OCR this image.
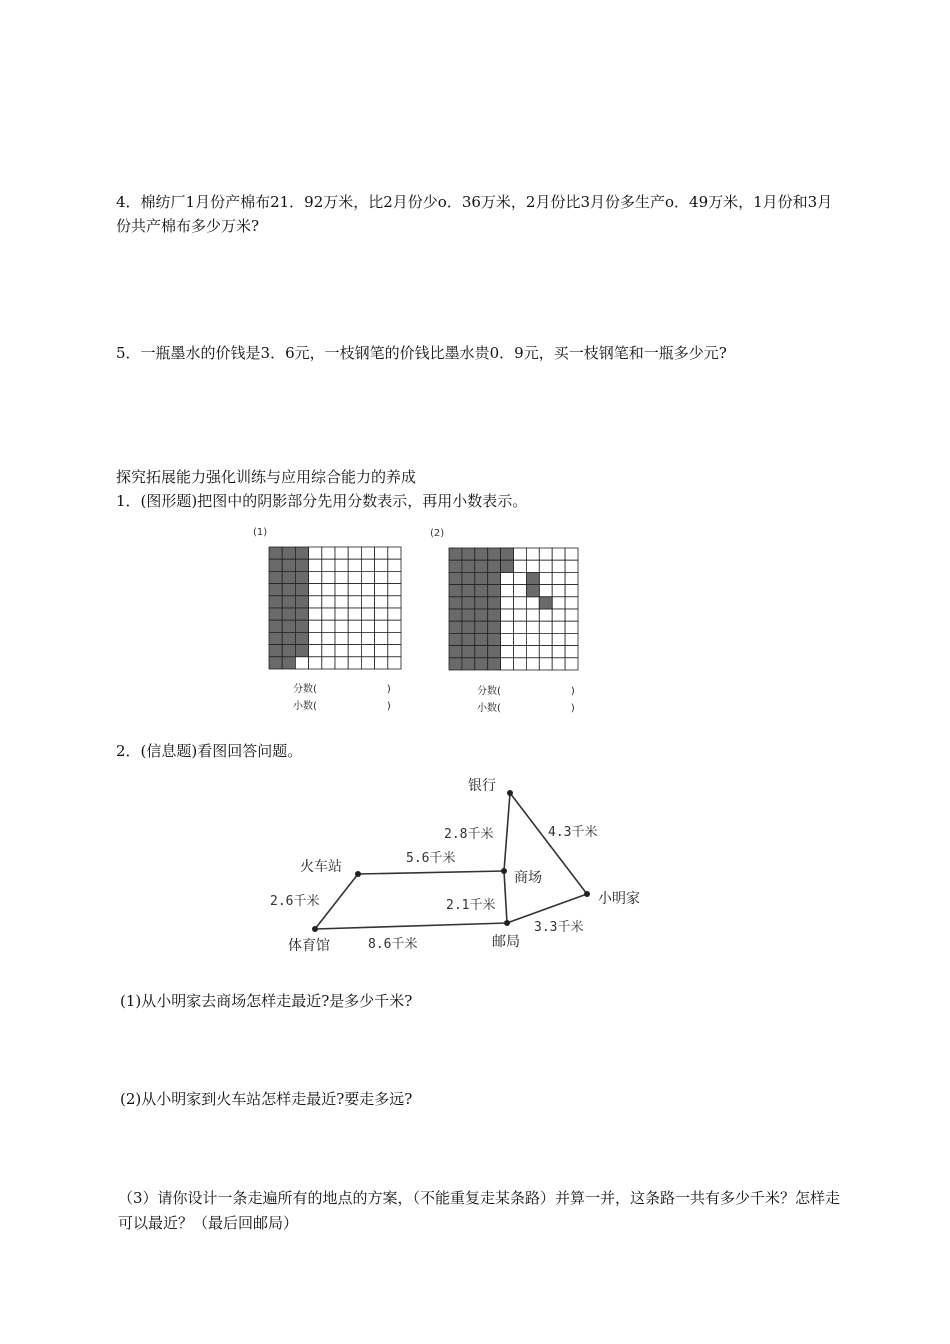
4．棉纺厂1月份产棉布21．92万米，比2月份少o．36万米，2月份比3月份多生产o．49万米，1月份和3月份共产棉布多少万米?

5．一瓶墨水的价钱是3．6元，一枝钢笔的价钱比墨水贵0．9元，买一枝钢笔和一瓶多少元?

探究拓展能力强化训练与应用综合能力的养成

1．(图形题)把图中的阴影部分先用分数表示，再用小数表示。

(1)
分数(	)
小数(	)
(2)
分数(	)
小数(	)

2．(信息题)看图回答问题。

银行
火车站
商场
小明家
体育馆	邮局
2.8千米	4.3千米
5.6千米
2.6千米	2.1千米
8.6千米
3.3千米

(1)从小明家去商场怎样走最近?是多少千米?

(2)从小明家到火车站怎样走最近?要走多远?

（3）请你设计一条走遍所有的地点的方案，（不能重复走某条路）并算一并，这条路一共有多少千米？怎样走可以最近？（最后回邮局）
